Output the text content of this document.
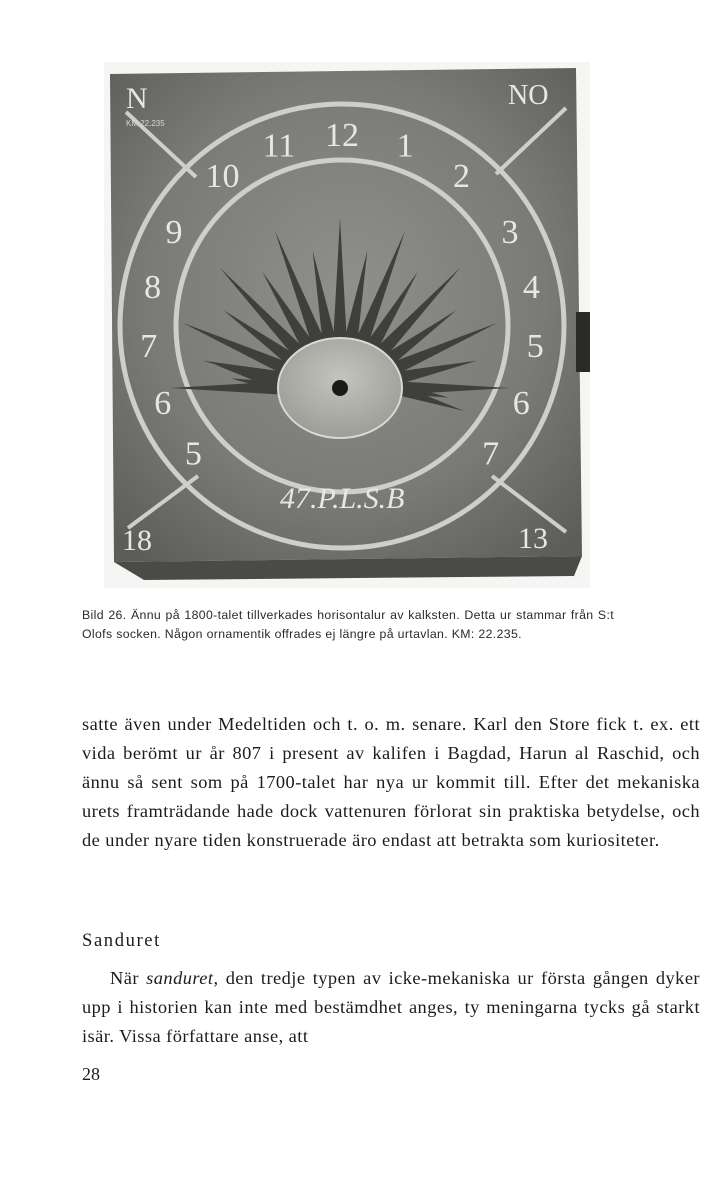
N	NO
KM 22.235
18	13
47.P.L.S.B
10
11 12 1
2
3
4
5
6
7
9
8
7
6
5

Bild 26. Ännu på 1800-talet tillverkades horisontalur av kalksten. Detta ur stammar från S:t Olofs socken. Någon ornamentik offrades ej längre på urtavlan. KM: 22.235.

satte även under Medeltiden och t. o. m. senare. Karl den Store fick t. ex. ett vida berömt ur år 807 i present av kalifen i Bagdad, Harun al Raschid, och ännu så sent som på 1700-talet har nya ur kommit till. Efter det mekaniska urets framträdande hade dock vattenuren förlorat sin praktiska betydelse, och de under nyare tiden konstruerade äro endast att betrakta som kuriositeter.

Sanduret

När sanduret, den tredje typen av icke-mekaniska ur första gången dyker upp i historien kan inte med bestämdhet anges, ty meningarna tycks gå starkt isär. Vissa författare anse, att

28
